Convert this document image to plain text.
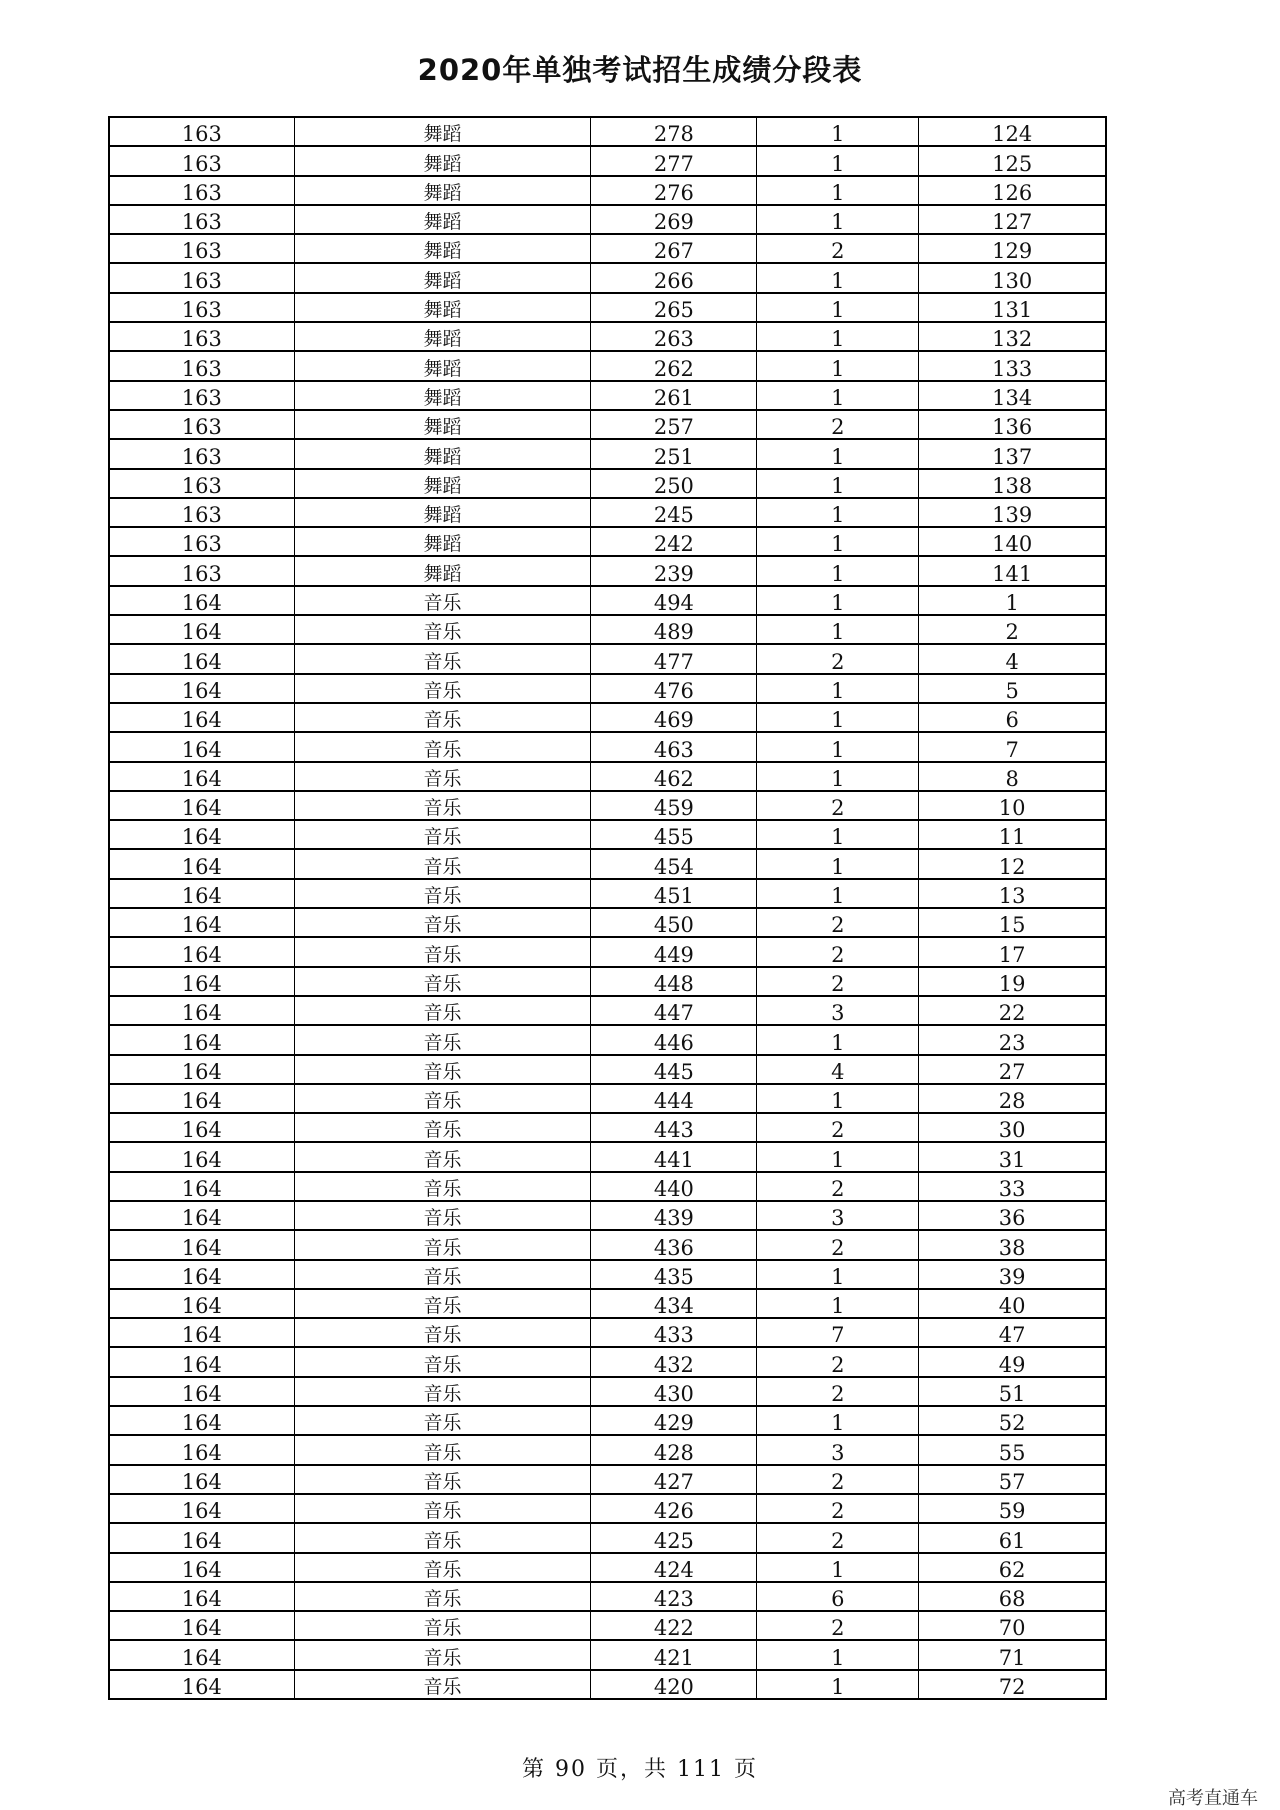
2020年单独考试招生成绩分段表
163	舞蹈	278	1	124
163	舞蹈	277	1	125
163	舞蹈	276	1	126
163	舞蹈	269	1	127
163	舞蹈	267	2	129
163	舞蹈	266	1	130
163	舞蹈	265	1	131
163	舞蹈	263	1	132
163	舞蹈	262	1	133
163	舞蹈	261	1	134
163	舞蹈	257	2	136
163	舞蹈	251	1	137
163	舞蹈	250	1	138
163	舞蹈	245	1	139
163	舞蹈	242	1	140
163	舞蹈	239	1	141
164	音乐	494	1	1
164	音乐	489	1	2
164	音乐	477	2	4
164	音乐	476	1	5
164	音乐	469	1	6
164	音乐	463	1	7
164	音乐	462	1	8
164	音乐	459	2	10
164	音乐	455	1	11
164	音乐	454	1	12
164	音乐	451	1	13
164	音乐	450	2	15
164	音乐	449	2	17
164	音乐	448	2	19
164	音乐	447	3	22
164	音乐	446	1	23
164	音乐	445	4	27
164	音乐	444	1	28
164	音乐	443	2	30
164	音乐	441	1	31
164	音乐	440	2	33
164	音乐	439	3	36
164	音乐	436	2	38
164	音乐	435	1	39
164	音乐	434	1	40
164	音乐	433	7	47
164	音乐	432	2	49
164	音乐	430	2	51
164	音乐	429	1	52
164	音乐	428	3	55
164	音乐	427	2	57
164	音乐	426	2	59
164	音乐	425	2	61
164	音乐	424	1	62
164	音乐	423	6	68
164	音乐	422	2	70
164	音乐	421	1	71
164	音乐	420	1	72
第 90 页，共 111 页
高考直通车
